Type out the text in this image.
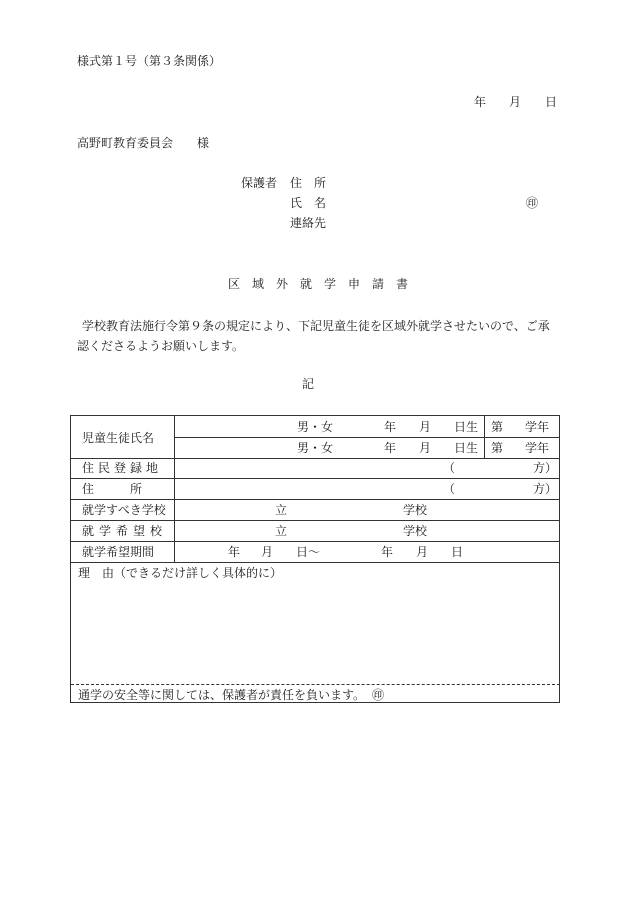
様式第１号（第３条関係）
年 月 日
高野町教育委員会　　様
保護者 住　所
氏　名	㊞
連絡先
区　域　外　就　学　申　請　書
　学校教育法施行令第９条の規定により、下記児童生徒を区域外就学させたいので、ご承
認くださるようお願いします。
記
児童生徒氏名
男・女	年 月 日生 第 学年
男・女	年 月 日生 第 学年
住民登録地	（	方）
住　　　所	（	方）
就学すべき学校	立	学校
就学希望校	立	学校
就学希望期間	年 月 日～	年 月 日
理　由（できるだけ詳しく具体的に）
通学の安全等に関しては、保護者が責任を負います。 ㊞
